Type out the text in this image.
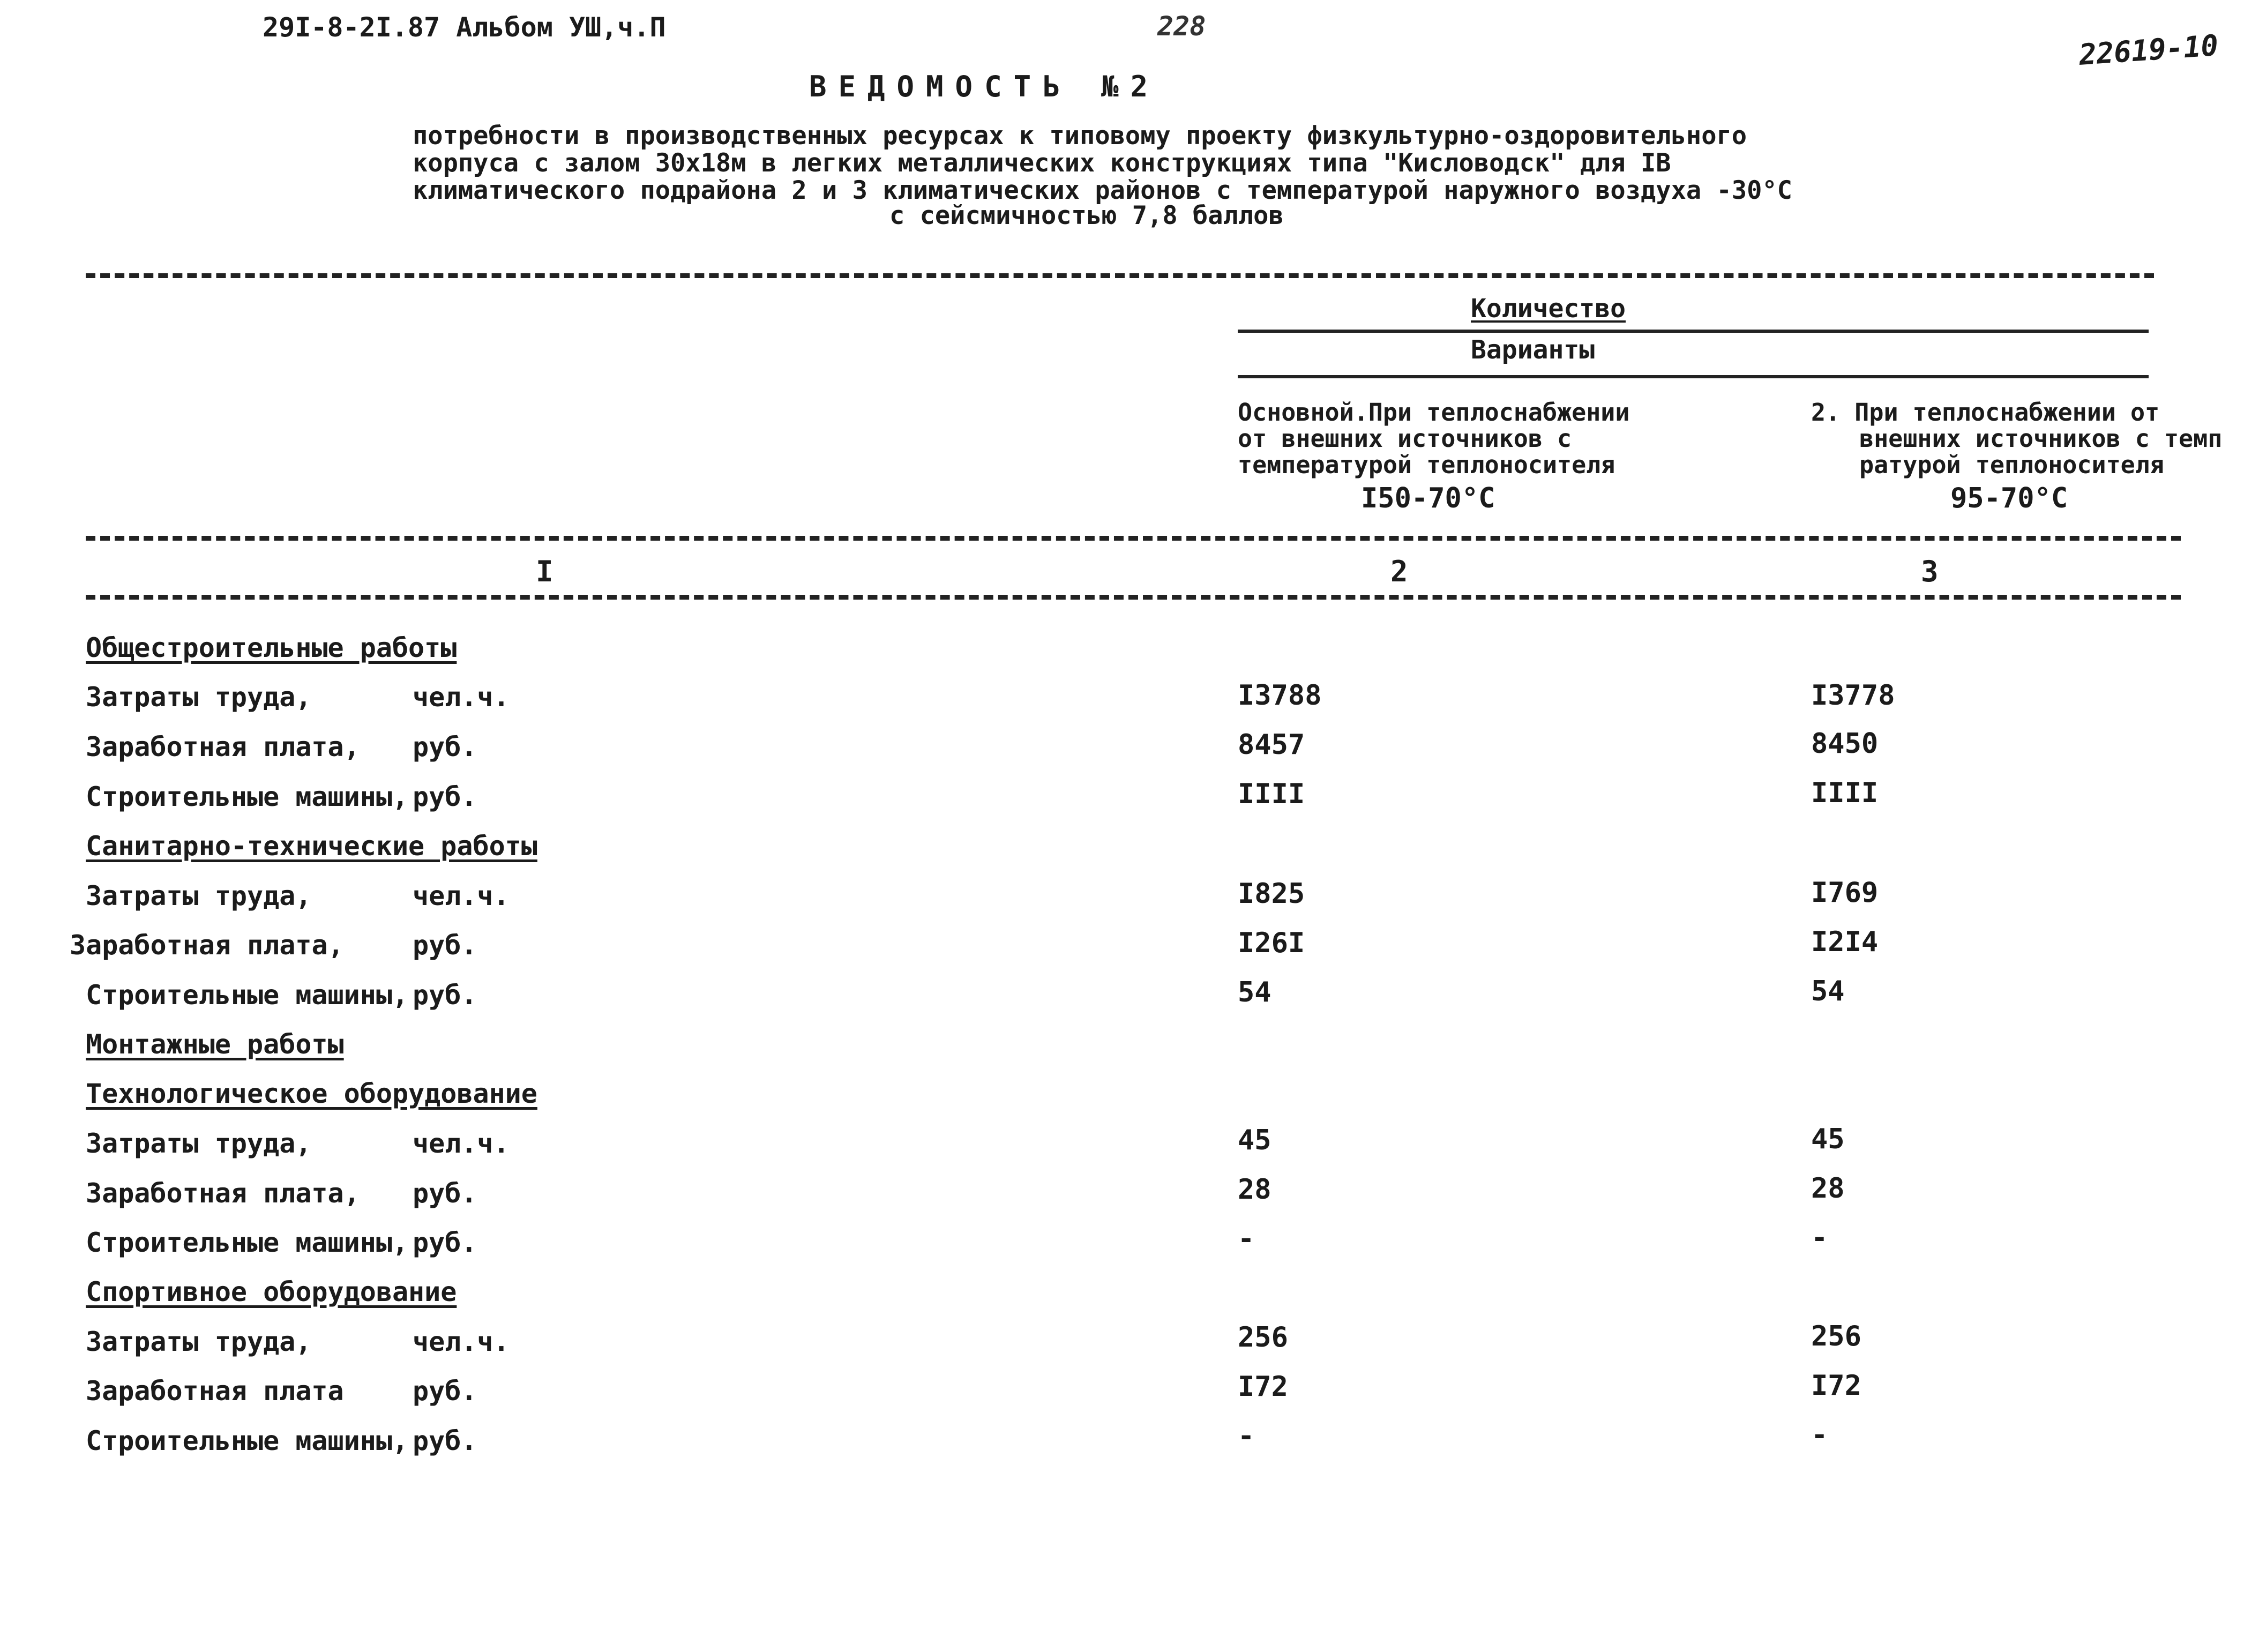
29I-8-2I.87 Альбом УШ,ч.П	228
22619-10
ВЕДОМОСТЬ №2
потребности в производственных ресурсах к типовому проекту физкультурно-оздоровительного
корпуса с залом 30х18м в легких металлических конструкциях типа "Кисловодск" для IВ
климатического подрайона 2 и 3 климатических районов с температурой наружного воздуха -30°С
с сейсмичностью 7,8 баллов
Количество
Варианты
Основной.При теплоснабжении
от внешних источников с
температурой теплоносителя
I50-70°С
2. При теплоснабжении от
внешних источников с темп
ратурой теплоносителя
95-70°С
I	2	3
Общестроительные работы
Затраты труда,	чел.ч.	I3788	I3778
Заработная плата, руб.	8457	8450
Строительные машины, руб.	IIII	IIII
Санитарно-технические работы
Затраты труда,	чел.ч.	I825	I769
Заработная плата,	руб.	I26I	I2I4
Строительные машины, руб.	54	54
Монтажные работы
Технологическое оборудование
Затраты труда,	чел.ч.	45	45
Заработная плата, руб.	28	28
Строительные машины, руб.	-	-
Спортивное оборудование
Затраты труда,	чел.ч.	256	256
Заработная плата	руб.	I72	I72
Строительные машины, руб.	-	-
